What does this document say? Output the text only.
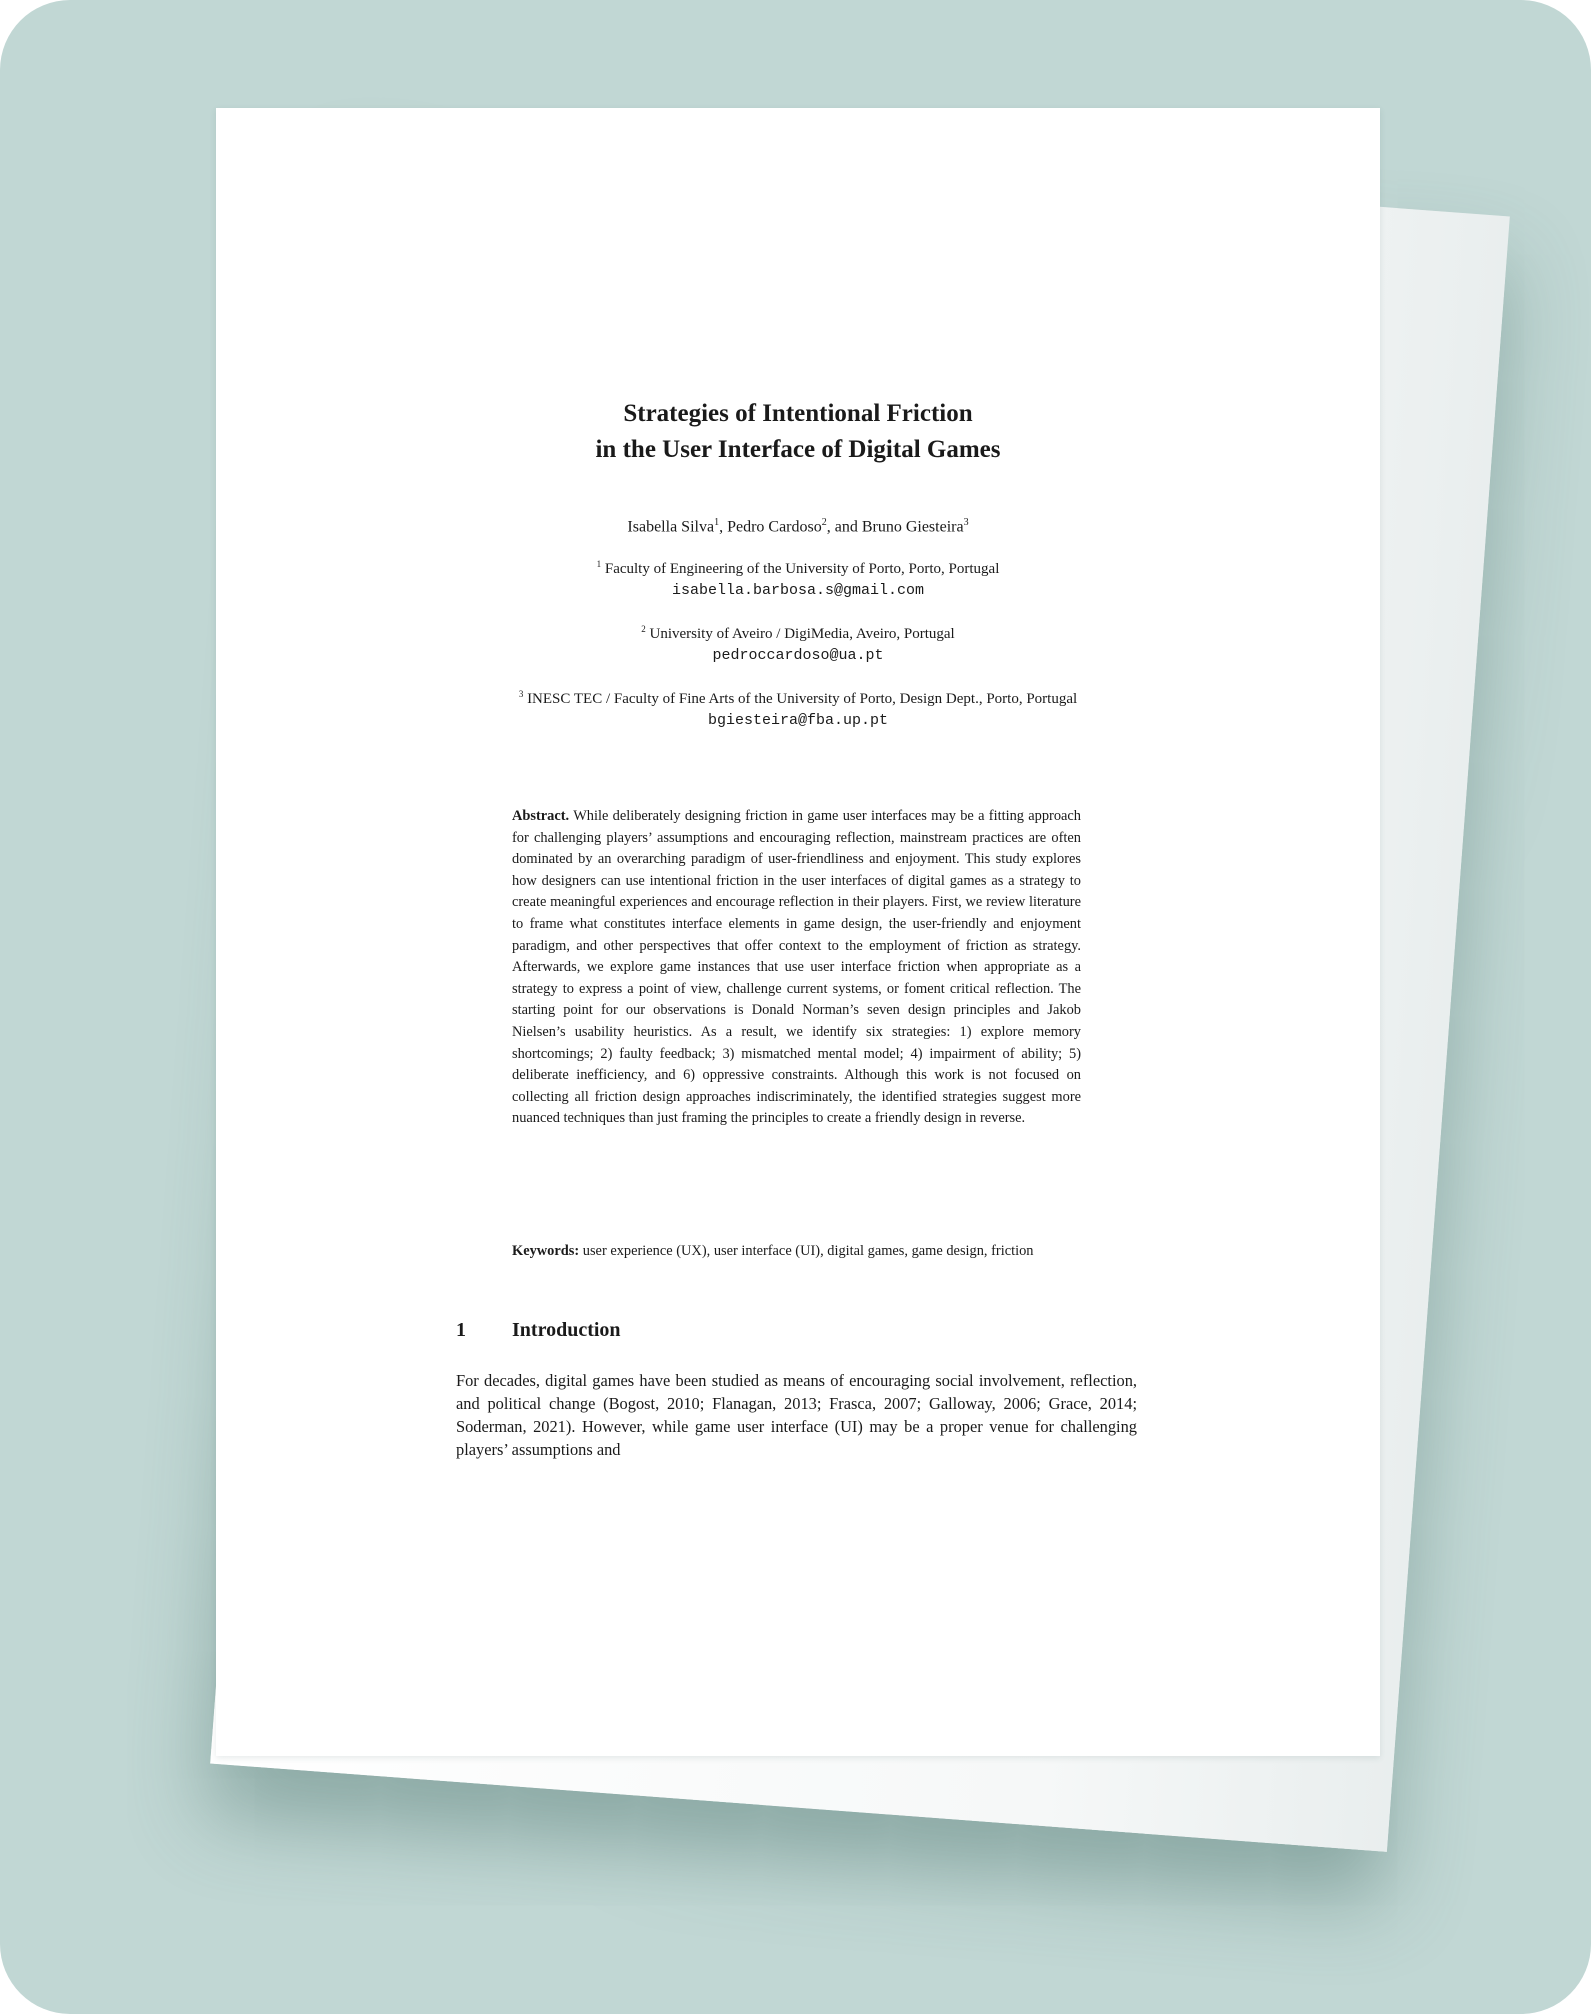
Strategies of Intentional Friction
in the User Interface of Digital Games
Isabella Silva$^1$, Pedro Cardoso$^2$, and Bruno Giesteira$^3$
$^1$ Faculty of Engineering of the University of Porto, Porto, Portugal
isabella.barbosa.s@gmail.com
$^2$ University of Aveiro / DigiMedia, Aveiro, Portugal
pedroccardoso@ua.pt
$^3$ INESC TEC / Faculty of Fine Arts of the University of Porto, Design Dept., Porto, Portugal
bgiesteira@fba.up.pt
Abstract. While deliberately designing friction in game user interfaces may be a fitting approach for challenging players’ assumptions and encouraging reflection, mainstream practices are often dominated by an overarching paradigm of user-friendliness and enjoyment. This study explores how designers can use intentional friction in the user interfaces of digital games as a strategy to create meaningful experiences and encourage reflection in their players. First, we review literature to frame what constitutes interface elements in game design, the user-friendly and enjoyment paradigm, and other perspectives that offer context to the employment of friction as strategy. Afterwards, we explore game instances that use user interface friction when appropriate as a strategy to express a point of view, challenge current systems, or foment critical reflection. The starting point for our observations is Donald Norman’s seven design principles and Jakob Nielsen’s usability heuristics. As a result, we identify six strategies: 1) explore memory shortcomings; 2) faulty feedback; 3) mismatched mental model; 4) impairment of ability; 5) deliberate inefficiency, and 6) oppressive constraints. Although this work is not focused on collecting all friction design approaches indiscriminately, the identified strategies suggest more nuanced techniques than just framing the principles to create a friendly design in reverse.
Keywords: user experience (UX), user interface (UI), digital games, game design, friction
1 Introduction
For decades, digital games have been studied as means of encouraging social involvement, reflection, and political change (Bogost, 2010; Flanagan, 2013; Frasca, 2007; Galloway, 2006; Grace, 2014; Soderman, 2021). However, while game user interface (UI) may be a proper venue for challenging players’ assumptions and
